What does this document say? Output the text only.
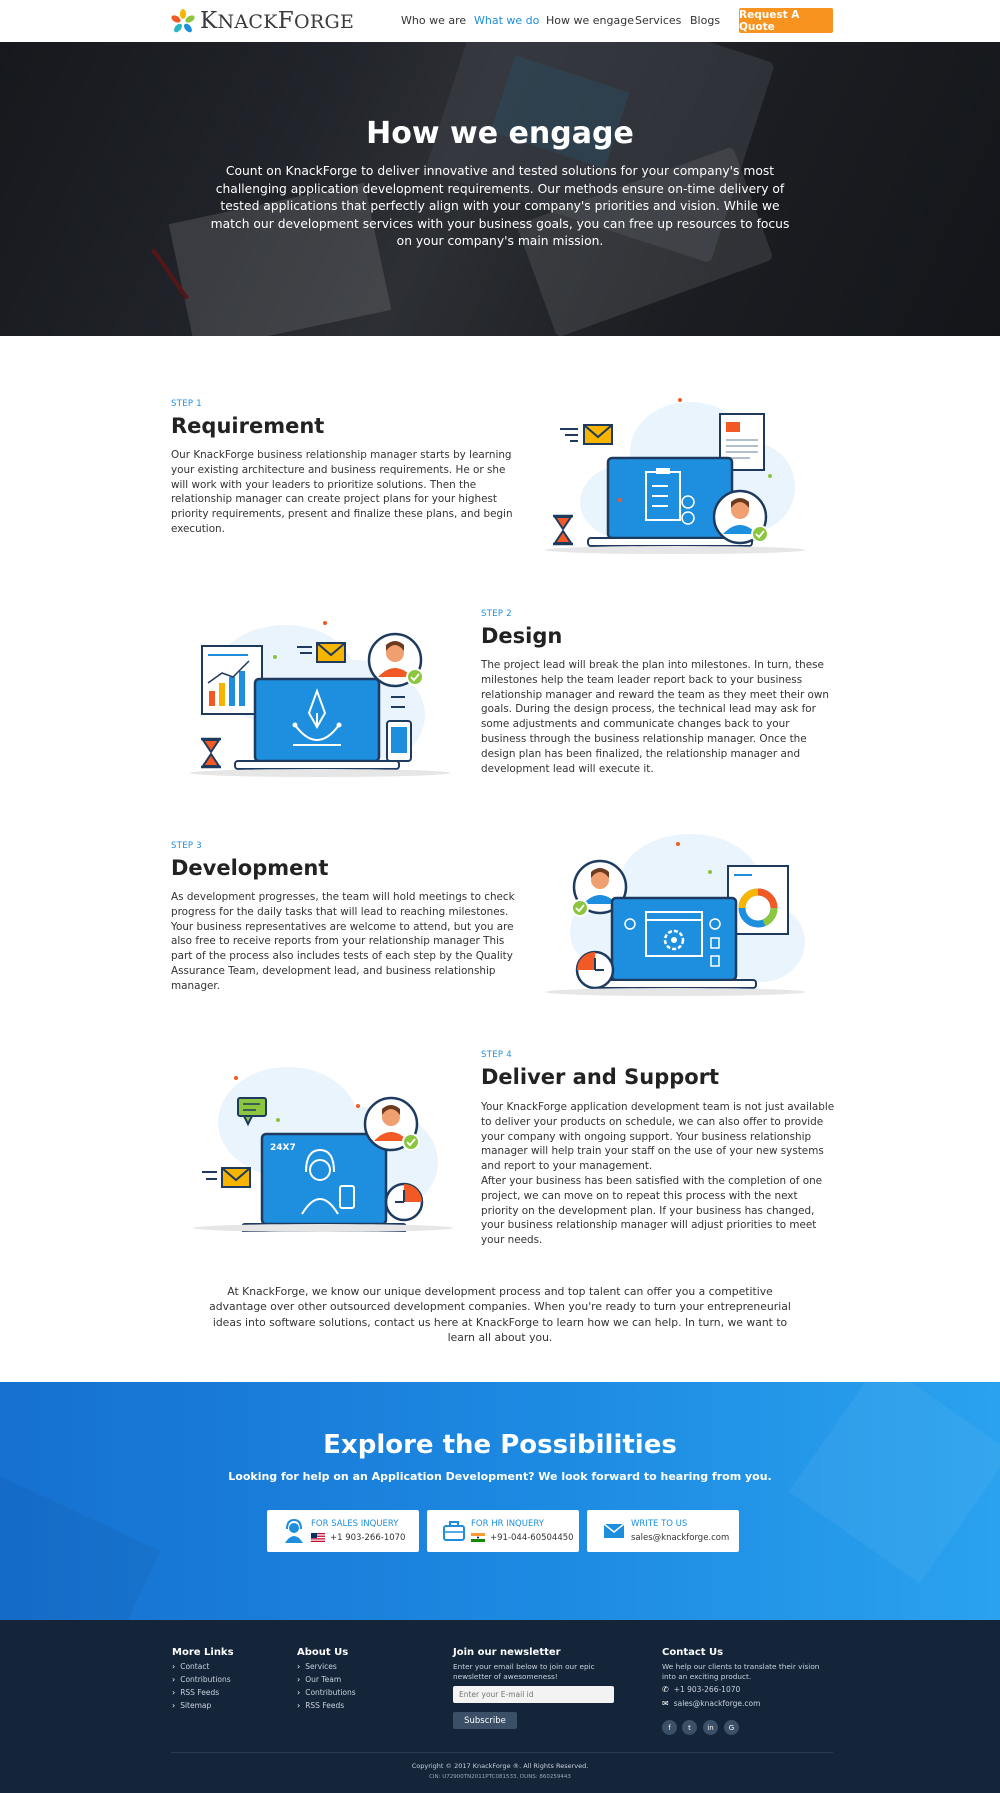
KNACKFORGE	Who we are What we do How we engage Services Blogs Request A Quote
How we engage

Count on KnackForge to deliver innovative and tested solutions for your company's most challenging application development requirements. Our methods ensure on-time delivery of tested applications that perfectly align with your company's priorities and vision. While we match our development services with your business goals, you can free up resources to focus on your company's main mission.

STEP 1
Requirement

Our KnackForge business relationship manager starts by learning your existing architecture and business requirements. He or she will work with your leaders to prioritize solutions. Then the relationship manager can create project plans for your highest priority requirements, present and finalize these plans, and begin execution.

STEP 2
Design

The project lead will break the plan into milestones. In turn, these milestones help the team leader report back to your business relationship manager and reward the team as they meet their own goals. During the design process, the technical lead may ask for some adjustments and communicate changes back to your business through the business relationship manager. Once the design plan has been finalized, the relationship manager and development lead will execute it.

STEP 3
Development

As development progresses, the team will hold meetings to check progress for the daily tasks that will lead to reaching milestones. Your business representatives are welcome to attend, but you are also free to receive reports from your relationship manager This part of the process also includes tests of each step by the Quality Assurance Team, development lead, and business relationship manager.

24X7
STEP 4
Deliver and Support

Your KnackForge application development team is not just available to deliver your products on schedule, we can also offer to provide your company with ongoing support. Your business relationship manager will help train your staff on the use of your new systems and report to your management.

After your business has been satisfied with the completion of one project, we can move on to repeat this process with the next priority on the development plan. If your business has changed, your business relationship manager will adjust priorities to meet your needs.

At KnackForge, we know our unique development process and top talent can offer you a competitive advantage over other outsourced development companies. When you're ready to turn your entrepreneurial ideas into software solutions, contact us here at KnackForge to learn how we can help. In turn, we want to learn all about you.

Explore the Possibilities

Looking for help on an Application Development? We look forward to hearing from you.

FOR SALES INQUERY
+1 903-266-1070
FOR HR INQUERY
+91-044-60504450
WRITE TO US
sales@knackforge.com
More Links
› Contact
› Contributions
› RSS Feeds
› Sitemap
About Us
› Services
› Our Team
› Contributions
› RSS Feeds
Join our newsletter
Enter your email below to join our epic newsletter of awesomeness!
Enter your E-mail id
Subscribe
Contact Us
We help our clients to translate their vision into an exciting product.
✆ +1 903-266-1070
✉ sales@knackforge.com
f	t	in	G
Copyright © 2017 KnackForge ®. All Rights Reserved.
CIN: U72900TN2011PTC081533, DUNS: 860259443
